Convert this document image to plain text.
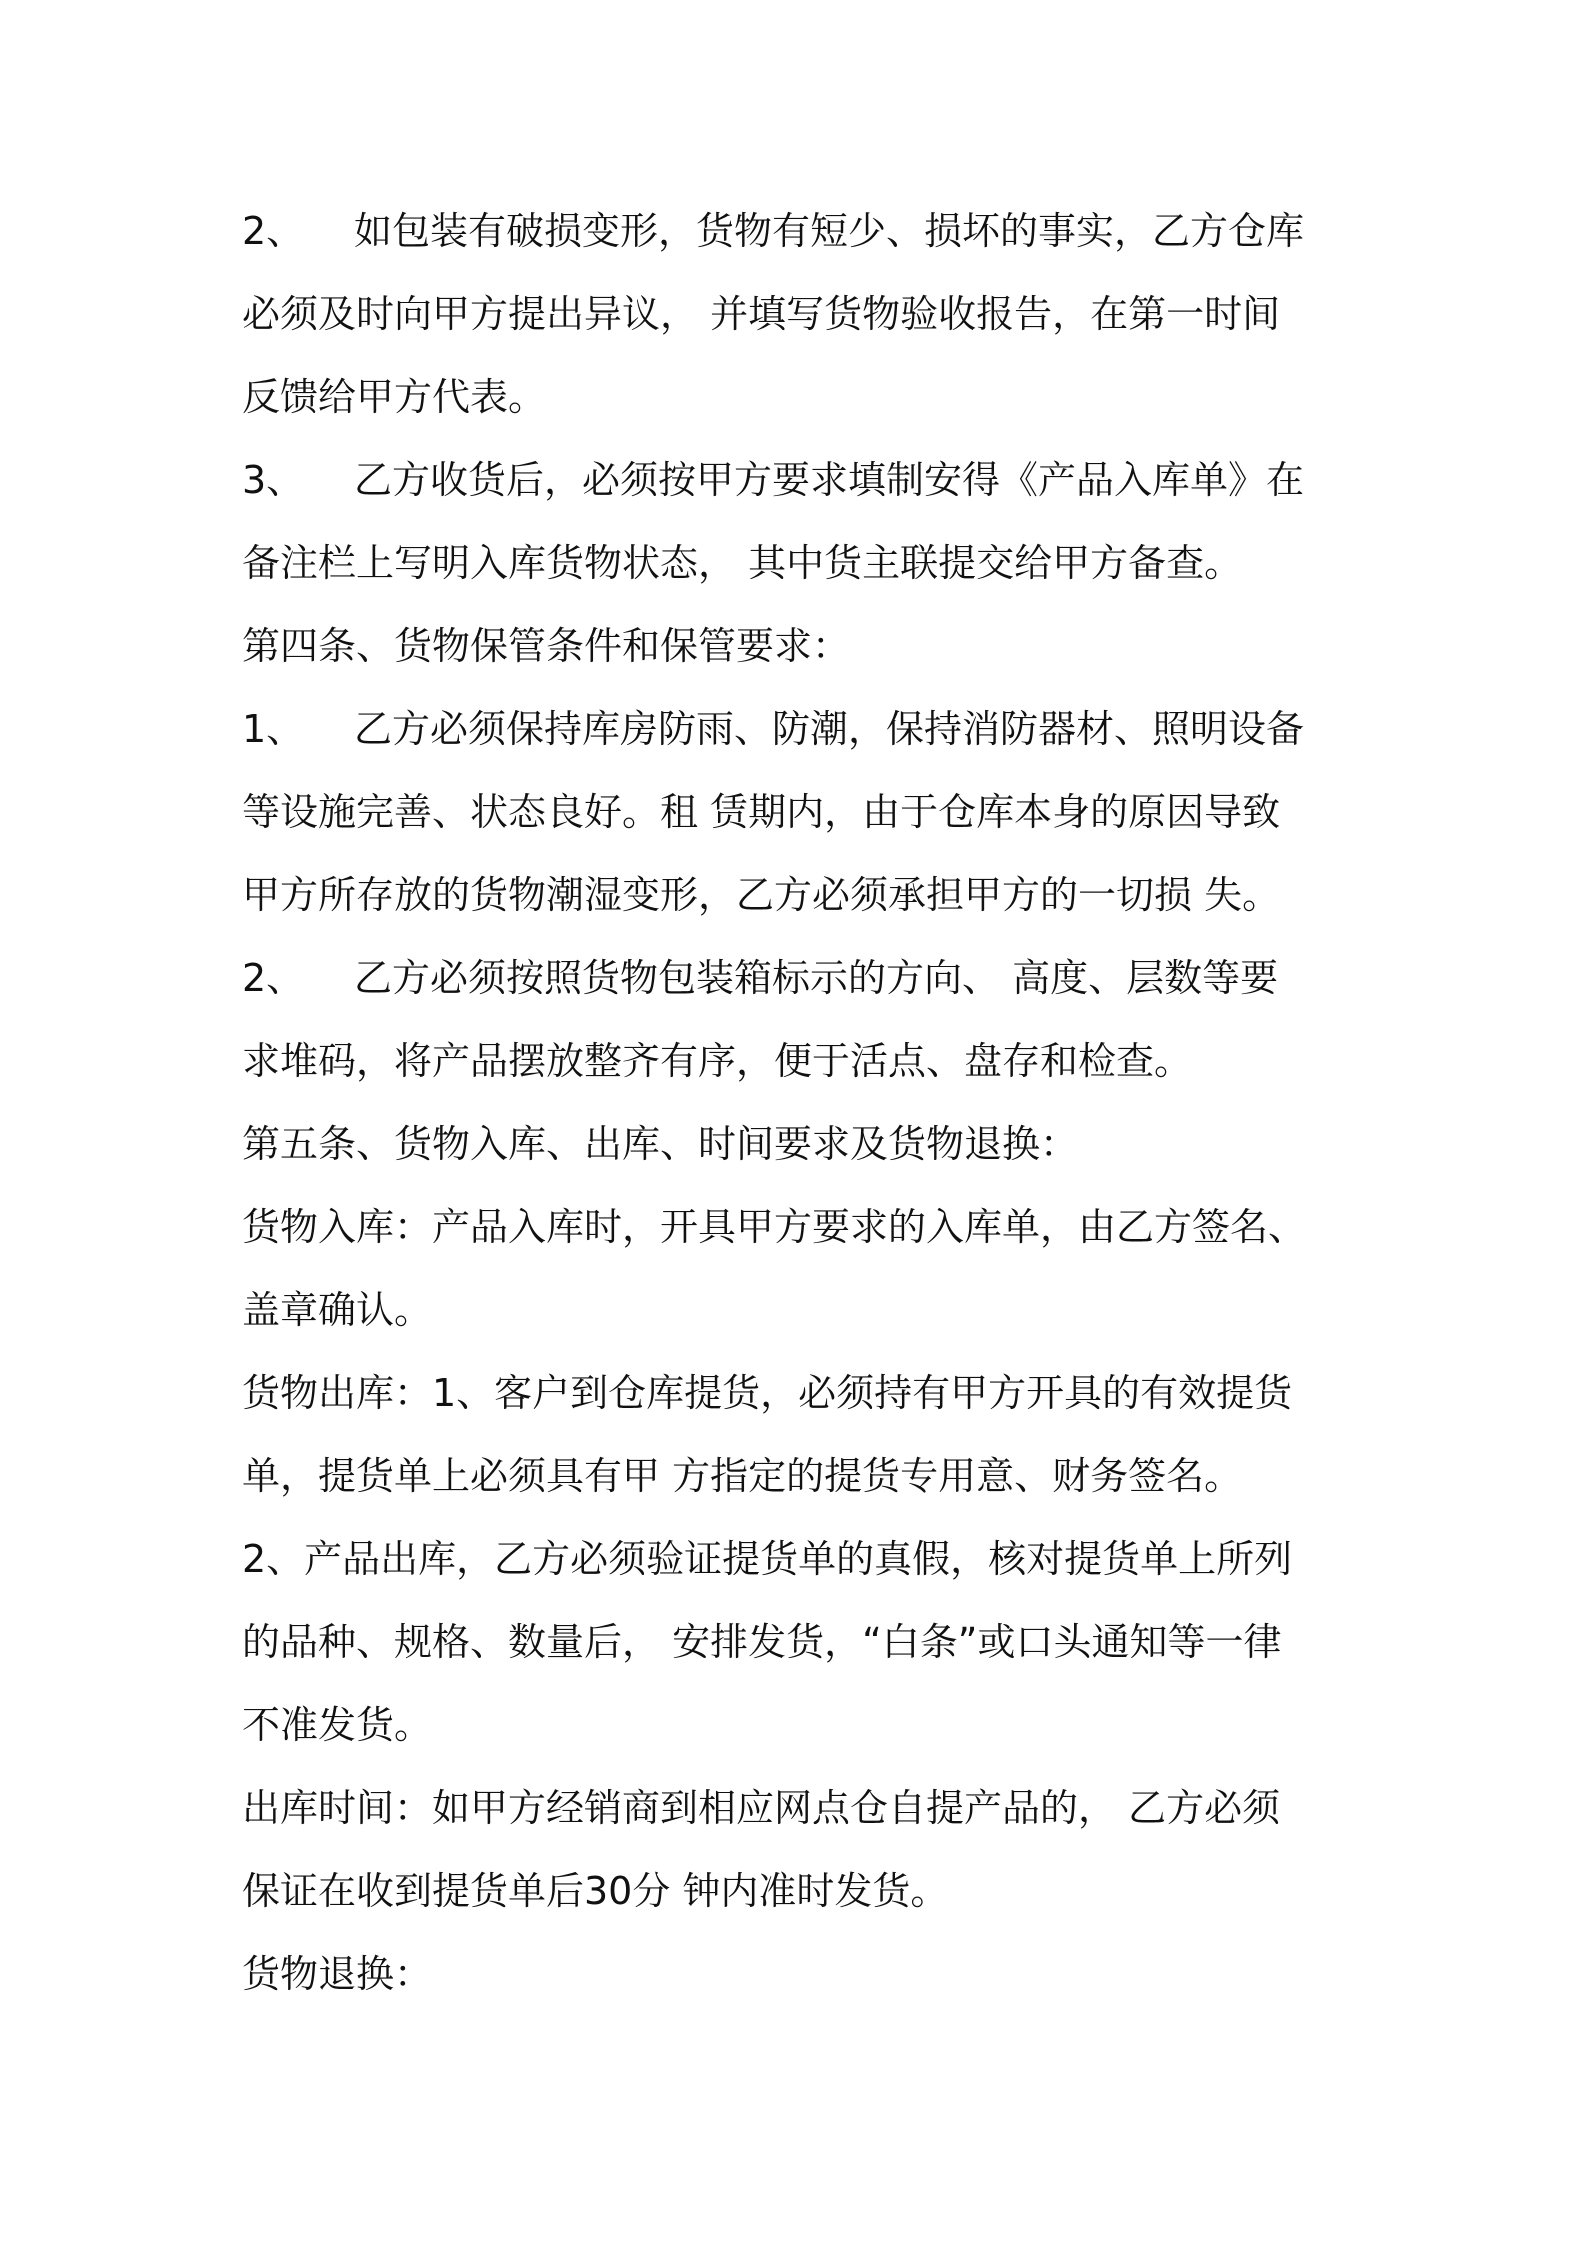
2、 如包装有破损变形，货物有短少、损坏的事实，乙方仓库
必须及时向甲方提出异议， 并填写货物验收报告，在第一时间
反馈给甲方代表。
3、 乙方收货后，必须按甲方要求填制安得《产品入库单》在
备注栏上写明入库货物状态， 其中货主联提交给甲方备查。
第四条、货物保管条件和保管要求：
1、 乙方必须保持库房防雨、防潮，保持消防器材、照明设备
等设施完善、状态良好。租 赁期内，由于仓库本身的原因导致
甲方所存放的货物潮湿变形，乙方必须承担甲方的一切损 失。
2、 乙方必须按照货物包装箱标示的方向、 高度、层数等要
求堆码，将产品摆放整齐有序，便于活点、盘存和检查。
第五条、货物入库、出库、时间要求及货物退换：
货物入库：产品入库时，开具甲方要求的入库单，由乙方签名、
盖章确认。
货物出库：1、客户到仓库提货，必须持有甲方开具的有效提货
单，提货单上必须具有甲 方指定的提货专用意、财务签名。
2、产品出库，乙方必须验证提货单的真假，核对提货单上所列
的品种、规格、数量后， 安排发货，“白条”或口头通知等一律
不准发货。
出库时间：如甲方经销商到相应网点仓自提产品的， 乙方必须
保证在收到提货单后30分 钟内准时发货。
货物退换：
